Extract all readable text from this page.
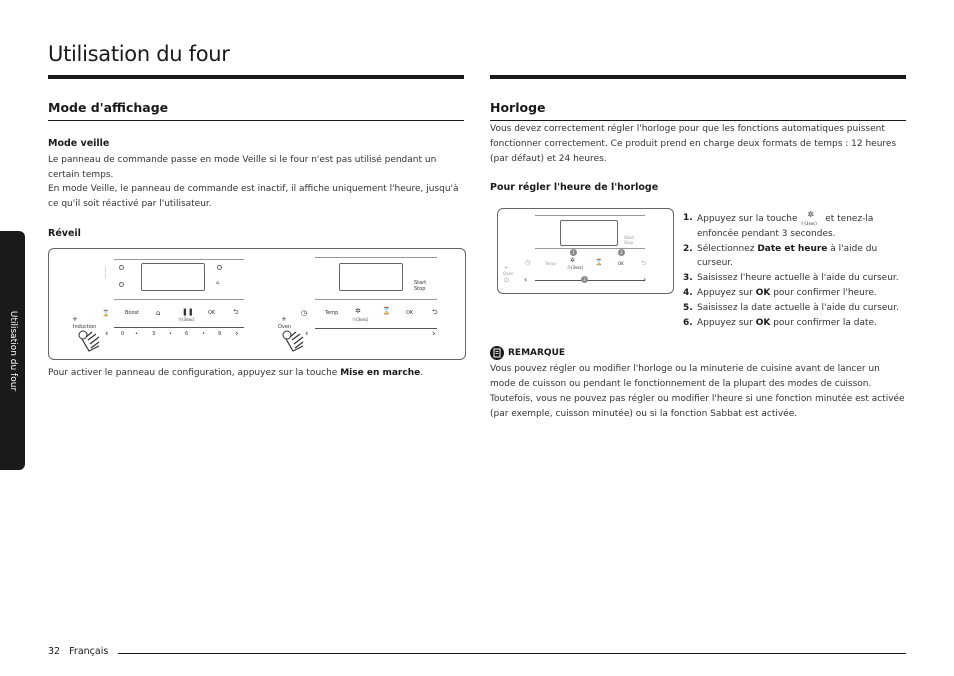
Utilisation du four
Utilisation du four
Mode d'affichage
Mode veille

Le panneau de commande passe en mode Veille si le four n'est pas utilisé pendant un certain temps.

En mode Veille, le panneau de commande est inactif, il affiche uniquement l'heure, jusqu'à ce qu'il soit réactivé par l'utilisateur.

Réveil
⋮
⋮
⌂
⌛	Boost ⌂	❚❚
Ⓢ(3sec)
OK	⮌
+
Induction
‹ 0 •	3	•	6	•	9 ›
Start
Stop
◷	Temp ✲
Ⓢ(3sec)
⌛	OK	⮌
+
Oven
‹	›

Pour activer le panneau de configuration, appuyez sur la touche Mise en marche.

Horloge

Vous devez correctement régler l'horloge pour que les fonctions automatiques puissent fonctionner correctement. Ce produit prend en charge deux formats de temps : 12 heures (par défaut) et 24 heures.

Pour régler l'heure de l'horloge
Start
Stop
1	2
◷	Temp ✲
Ⓢ(3sec)
⌛	OK	⮌
+
Oven
⏻ ‹	2	›
1. Appuyez sur la touche ✲
Ⓢ(3sec) et tenez-la enfoncée pendant 3 secondes.
2. Sélectionnez Date et heure à l'aide du curseur.
3. Saisissez l'heure actuelle à l'aide du curseur.
4. Appuyez sur OK pour confirmer l'heure.
5. Saisissez la date actuelle à l'aide du curseur.
6. Appuyez sur OK pour confirmer la date.
REMARQUE

Vous pouvez régler ou modifier l'horloge ou la minuterie de cuisine avant de lancer un mode de cuisson ou pendant le fonctionnement de la plupart des modes de cuisson. Toutefois, vous ne pouvez pas régler ou modifier l'heure si une fonction minutée est activée (par exemple, cuisson minutée) ou si la fonction Sabbat est activée.

32 Français
